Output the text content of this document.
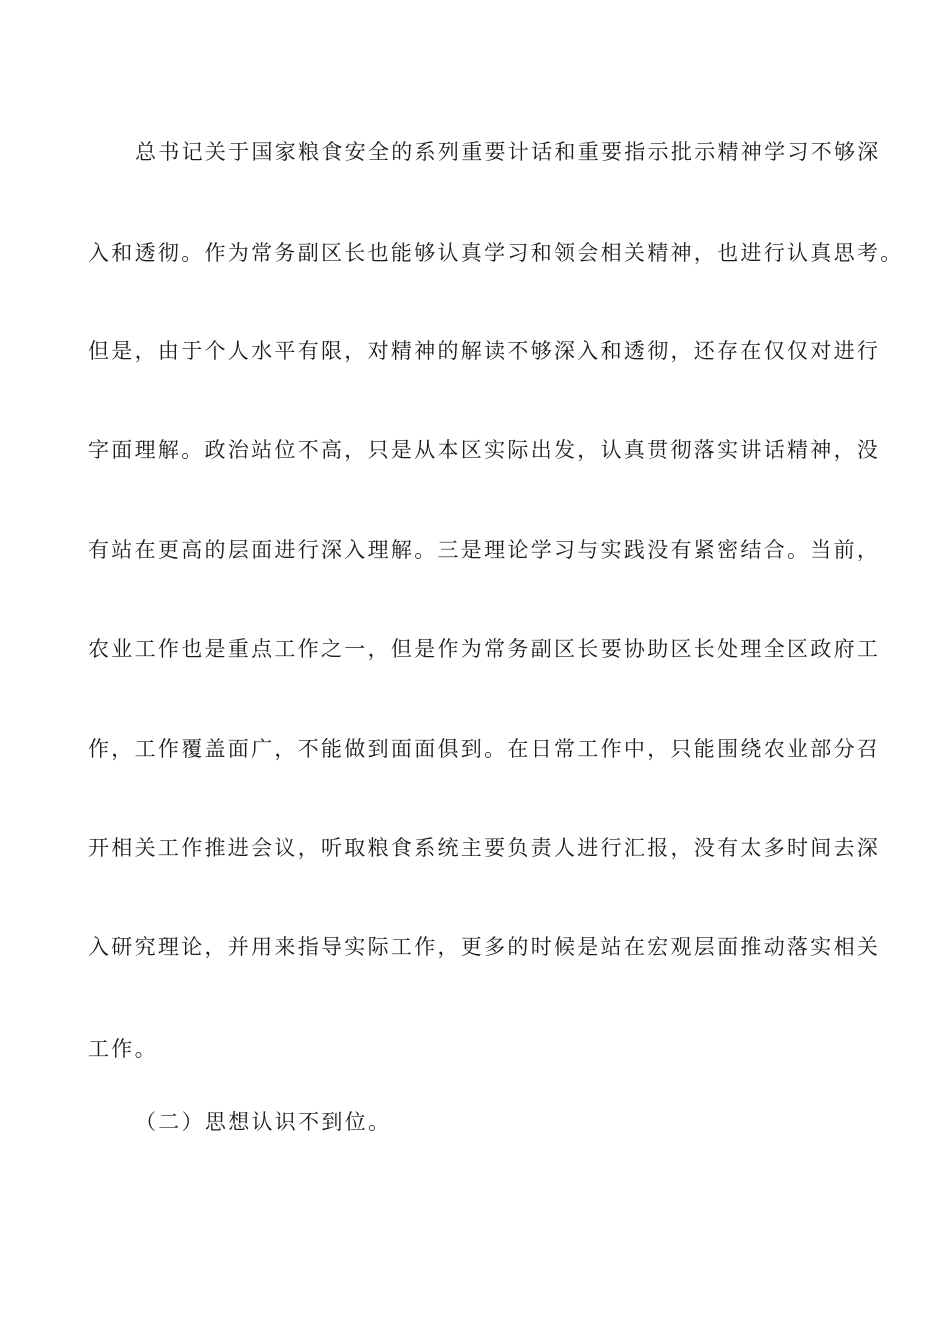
总书记关于国家粮食安全的系列重要计话和重要指示批示精神学习不够深
入和透彻。作为常务副区长也能够认真学习和领会相关精神，也进行认真思考。
但是，由于个人水平有限，对精神的解读不够深入和透彻，还存在仅仅对进行
字面理解。政治站位不高，只是从本区实际出发，认真贯彻落实讲话精神，没
有站在更高的层面进行深入理解。三是理论学习与实践没有紧密结合。当前，
农业工作也是重点工作之一，但是作为常务副区长要协助区长处理全区政府工
作，工作覆盖面广，不能做到面面俱到。在日常工作中，只能围绕农业部分召
开相关工作推进会议，听取粮食系统主要负责人进行汇报，没有太多时间去深
入研究理论，并用来指导实际工作，更多的时候是站在宏观层面推动落实相关
工作。
（二）思想认识不到位。
